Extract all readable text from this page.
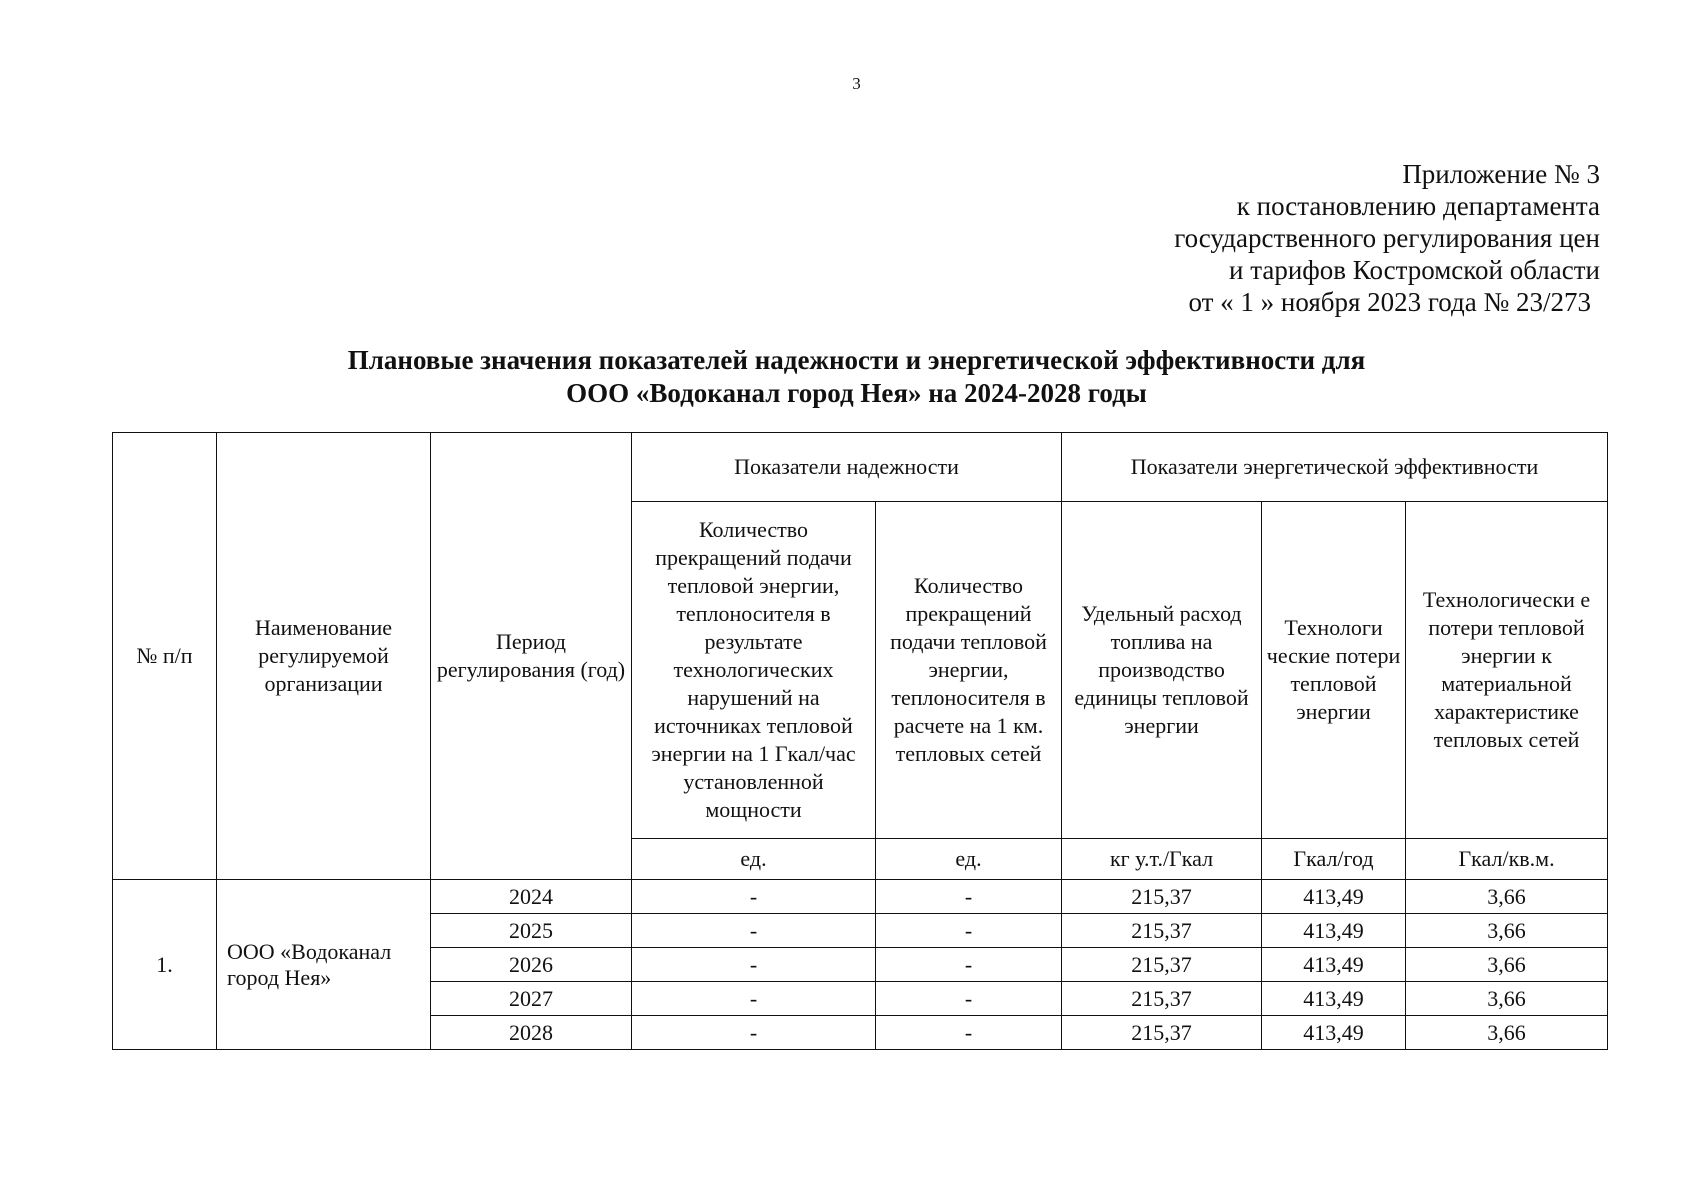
3
Приложение № 3
к постановлению департамента
государственного регулирования цен
и тарифов Костромской области
от « 1 » ноября 2023 года № 23/273
Плановые значения показателей надежности и энергетической эффективности для
ООО «Водоканал город Нея» на 2024-2028 годы
№ п/п	Наименование регулируемой организации	Период регулирования (год)	Показатели надежности		Показатели энергетической эффективности		
			Количество прекращений подачи тепловой энергии, теплоносителя в результате технологических нарушений на источниках тепловой энергии на 1 Гкал/час установленной мощности	Количество прекращений подачи тепловой энергии, теплоносителя в расчете на 1 км. тепловых сетей	Удельный расход топлива на производство единицы тепловой энергии	Технологи ческие потери тепловой энергии	Технологически е потери тепловой энергии к материальной характеристике тепловых сетей
			ед.	ед.	кг у.т./Гкал	Гкал/год	Гкал/кв.м.
1.	ООО «Водоканал город Нея»	2024	-	-	215,37	413,49	3,66
		2025	-	-	215,37	413,49	3,66
		2026	-	-	215,37	413,49	3,66
		2027	-	-	215,37	413,49	3,66
		2028	-	-	215,37	413,49	3,66
